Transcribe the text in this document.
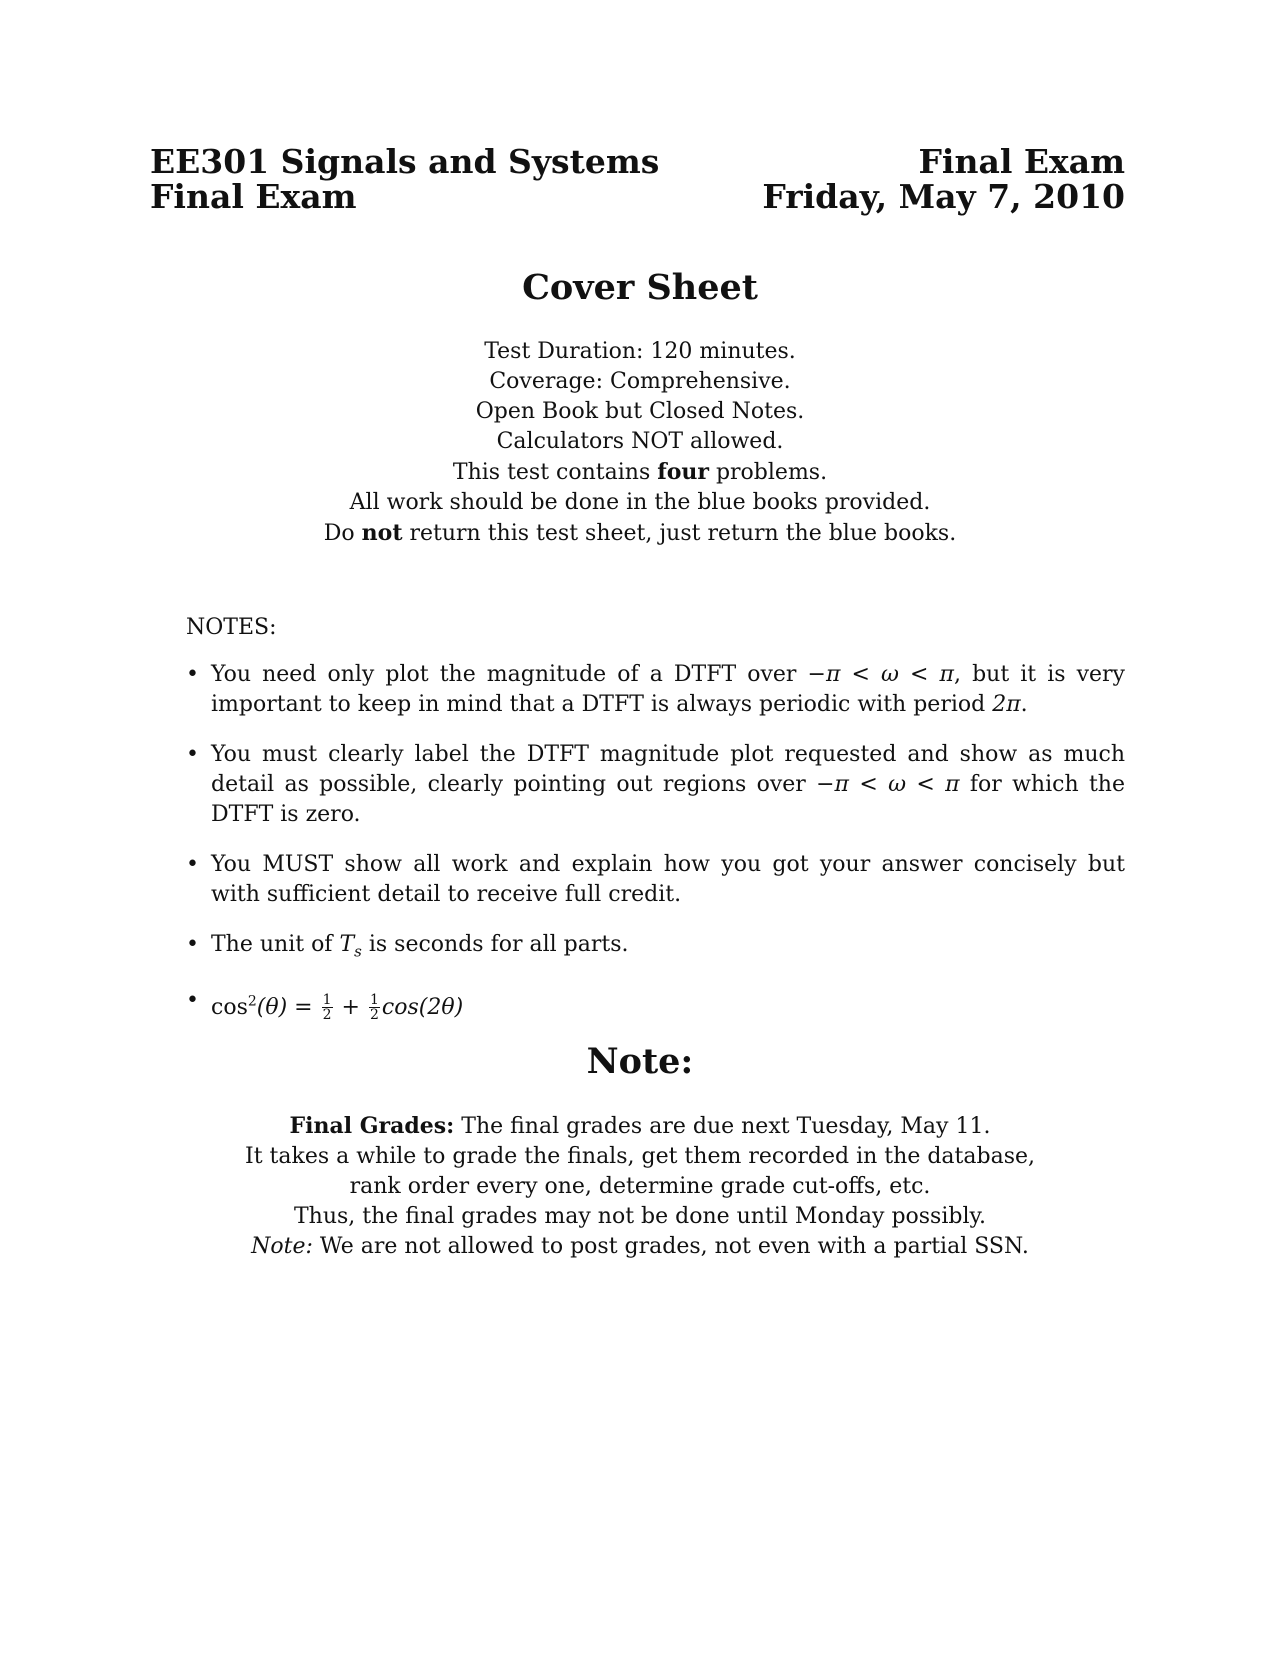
EE301 Signals and Systems
Final Exam
Final Exam
Friday, May 7, 2010
Cover Sheet
Test Duration: 120 minutes.
Coverage: Comprehensive.
Open Book but Closed Notes.
Calculators NOT allowed.
This test contains four problems.
All work should be done in the blue books provided.
Do not return this test sheet, just return the blue books.
NOTES:
• You need only plot the magnitude of a DTFT over −π < ω < π, but it is very important to keep in mind that a DTFT is always periodic with period 2π.
• You must clearly label the DTFT magnitude plot requested and show as much detail as possible, clearly pointing out regions over −π < ω < π for which the DTFT is zero.
• You MUST show all work and explain how you got your answer concisely but with sufficient detail to receive full credit.
• The unit of $T_s$ is seconds for all parts.
• $\cos^2(\theta) = \frac{1}{2} + \frac{1}{2} \cos(2\theta)$
Note:
Final Grades: The final grades are due next Tuesday, May 11.
It takes a while to grade the finals, get them recorded in the database,
rank order every one, determine grade cut-offs, etc.
Thus, the final grades may not be done until Monday possibly.
Note: We are not allowed to post grades, not even with a partial SSN.
